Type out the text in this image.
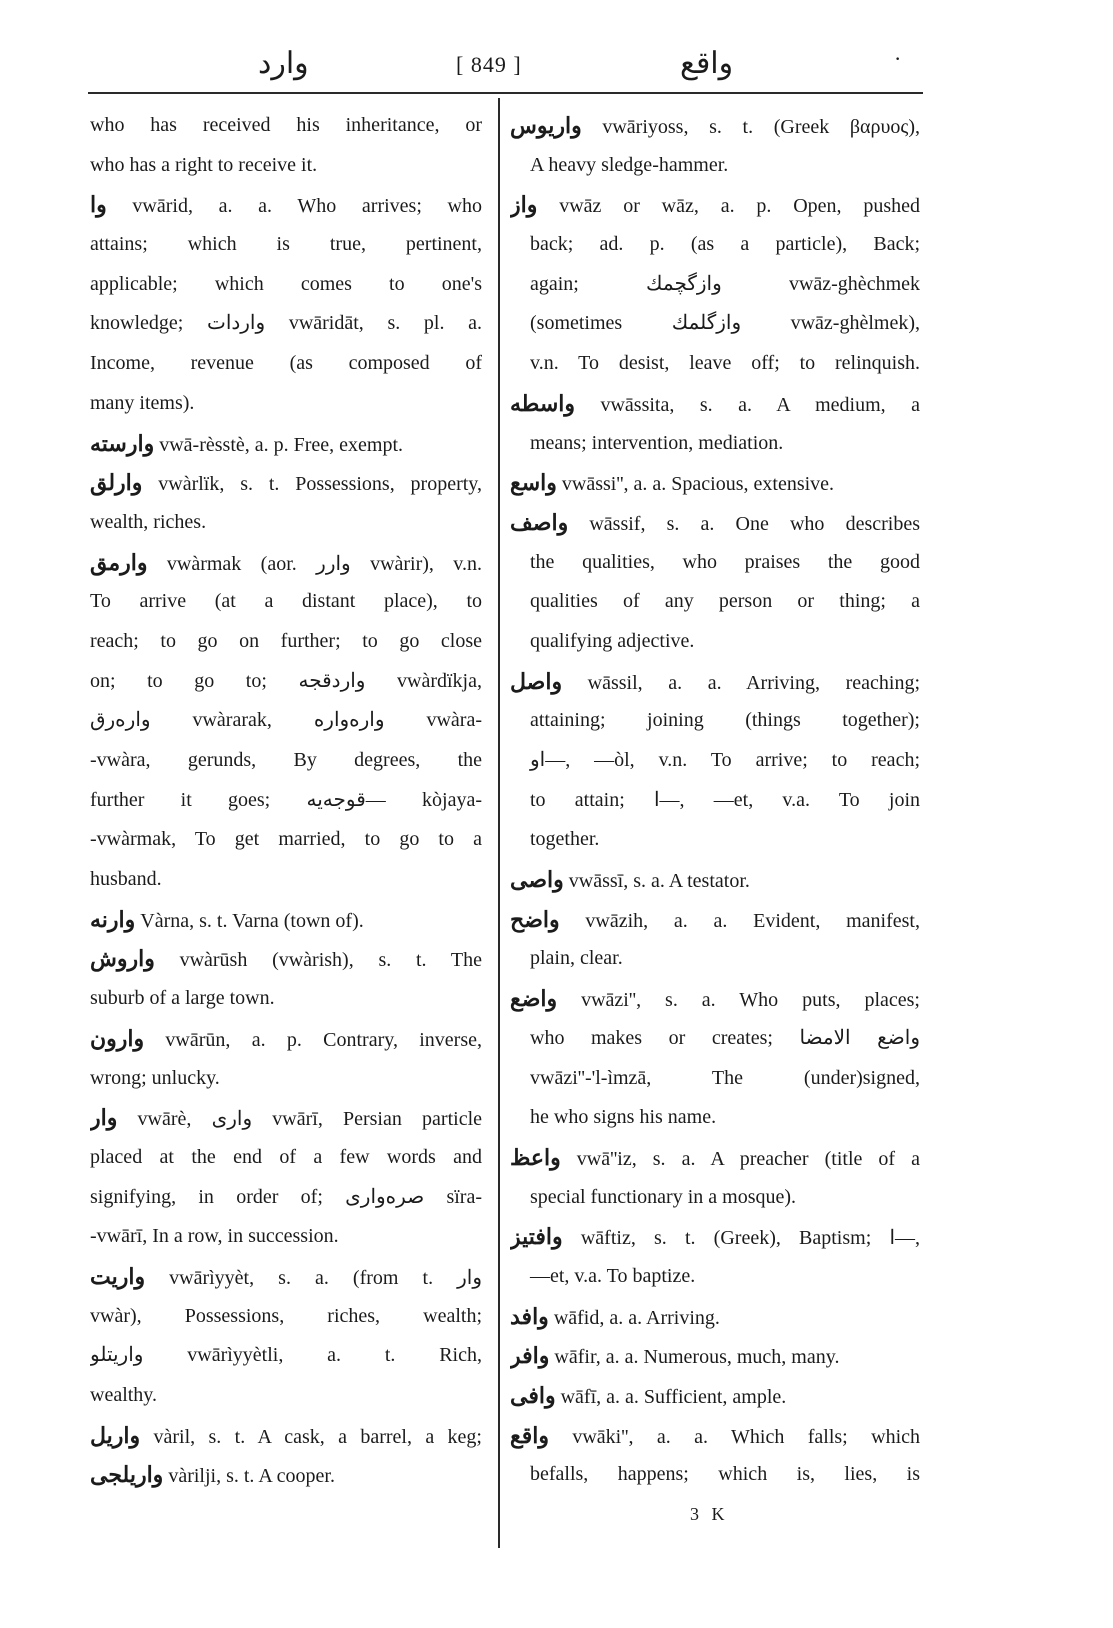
وارد	[ 849 ]	واقع	·
who has received his inheritance, or
who has a right to receive it.
وا vwārid, a. a. Who arrives; who
attains; which is true, pertinent,
applicable; which comes to one's
knowledge; واردات vwāridāt, s. pl. a.
Income, revenue (as composed of
many items).
وارسته vwā-rèsstè, a. p. Free, exempt.
وارلق vwàrlïk, s. t. Possessions, property,
wealth, riches.
وارمق vwàrmak (aor. وارر vwàrir), v.n.
To arrive (at a distant place), to
reach; to go on further; to go close
on; to go to; واردقجه vwàrdïkja,
وارەرق vwàrarak, وارەوارە vwàra-
-vwàra, gerunds, By degrees, the
further it goes; قوجەیه— kòjaya-
-vwàrmak, To get married, to go to a
husband.
وارنه Vàrna, s. t. Varna (town of).
واروش vwàrūsh (vwàrish), s. t. The
suburb of a large town.
وارون vwārūn, a. p. Contrary, inverse,
wrong; unlucky.
وار vwārè, واری vwārī, Persian particle
placed at the end of a few words and
signifying, in order of; صرەواری sïra-
-vwārī, In a row, in succession.
واریت vwārìyyèt, s. a. (from t. وار
vwàr), Possessions, riches, wealth;
واریتلو vwārìyyètli, a. t. Rich,
wealthy.
واريل vàril, s. t. A cask, a barrel, a keg;
واريلجی vàrilji, s. t. A cooper.
واریوس vwāriyoss, s. t. (Greek βαρυος),
A heavy sledge-hammer.
واز vwāz or wāz, a. p. Open, pushed
back; ad. p. (as a particle), Back;
again; وازگچمك vwāz-ghèchmek
(sometimes وازگلمك vwāz-ghèlmek),
v.n. To desist, leave off; to relinquish.
واسطه vwāssita, s. a. A medium, a
means; intervention, mediation.
واسع vwāssi'', a. a. Spacious, extensive.
واصف wāssif, s. a. One who describes
the qualities, who praises the good
qualities of any person or thing; a
qualifying adjective.
واصل wāssil, a. a. Arriving, reaching;
attaining; joining (things together);
او—, —òl, v.n. To arrive; to reach;
to attain; ا—, —et, v.a. To join
together.
واصی vwāssī, s. a. A testator.
واضح vwāzih, a. a. Evident, manifest,
plain, clear.
واضع vwāzi'', s. a. Who puts, places;
who makes or creates; واضع الامضا
vwāzi''-'l-ìmzā, The (under)signed,
he who signs his name.
واعظ vwā''iz, s. a. A preacher (title of a
special functionary in a mosque).
وافتیز wāftiz, s. t. (Greek), Baptism; ا—,
—et, v.a. To baptize.
وافد wāfid, a. a. Arriving.
وافر wāfir, a. a. Numerous, much, many.
وافی wāfī, a. a. Sufficient, ample.
واقع vwāki'', a. a. Which falls; which
befalls, happens; which is, lies, is
3 K
